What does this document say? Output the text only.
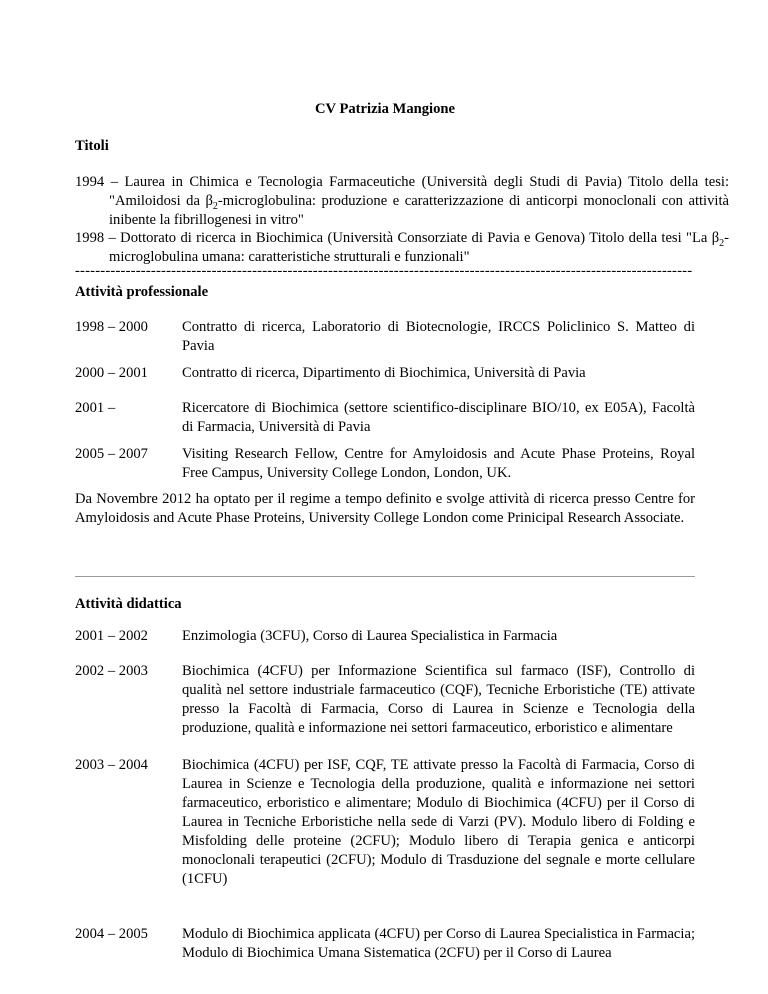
CV Patrizia Mangione
Titoli
1994 – Laurea in Chimica e Tecnologia Farmaceutiche (Università degli Studi di Pavia) Titolo della tesi: "Amiloidosi da $\beta_2$-microglobulina: produzione e caratterizzazione di anticorpi monoclonali con attività inibente la fibrillogenesi in vitro"
1998 – Dottorato di ricerca in Biochimica (Università Consorziate di Pavia e Genova) Titolo della tesi "La $\beta_2$-microglobulina umana: caratteristiche strutturali e funzionali"
--------------------------------------------------------------------------------------------------------------------------
Attività professionale
1998 – 2000	Contratto di ricerca, Laboratorio di Biotecnologie, IRCCS Policlinico S. Matteo di Pavia
2000 – 2001	Contratto di ricerca, Dipartimento di Biochimica, Università di Pavia
2001 –	Ricercatore di Biochimica (settore scientifico-disciplinare BIO/10, ex E05A), Facoltà di Farmacia, Università di Pavia
2005 – 2007	Visiting Research Fellow, Centre for Amyloidosis and Acute Phase Proteins, Royal Free Campus, University College London, London, UK.
Da Novembre 2012 ha optato per il regime a tempo definito e svolge attività di ricerca presso Centre for Amyloidosis and Acute Phase Proteins, University College London come Prinicipal Research Associate.
Attività didattica
2001 – 2002	Enzimologia (3CFU), Corso di Laurea Specialistica in Farmacia
2002 – 2003	Biochimica (4CFU) per Informazione Scientifica sul farmaco (ISF), Controllo di qualità nel settore industriale farmaceutico (CQF), Tecniche Erboristiche (TE) attivate presso la Facoltà di Farmacia, Corso di Laurea in Scienze e Tecnologia della produzione, qualità e informazione nei settori farmaceutico, erboristico e alimentare
2003 – 2004	Biochimica (4CFU) per ISF, CQF, TE attivate presso la Facoltà di Farmacia, Corso di Laurea in Scienze e Tecnologia della produzione, qualità e informazione nei settori farmaceutico, erboristico e alimentare; Modulo di Biochimica (4CFU) per il Corso di Laurea in Tecniche Erboristiche nella sede di Varzi (PV). Modulo libero di Folding e Misfolding delle proteine (2CFU); Modulo libero di Terapia genica e anticorpi monoclonali terapeutici (2CFU); Modulo di Trasduzione del segnale e morte cellulare (1CFU)
2004 – 2005	Modulo di Biochimica applicata (4CFU) per Corso di Laurea Specialistica in Farmacia; Modulo di Biochimica Umana Sistematica (2CFU) per il Corso di Laurea
